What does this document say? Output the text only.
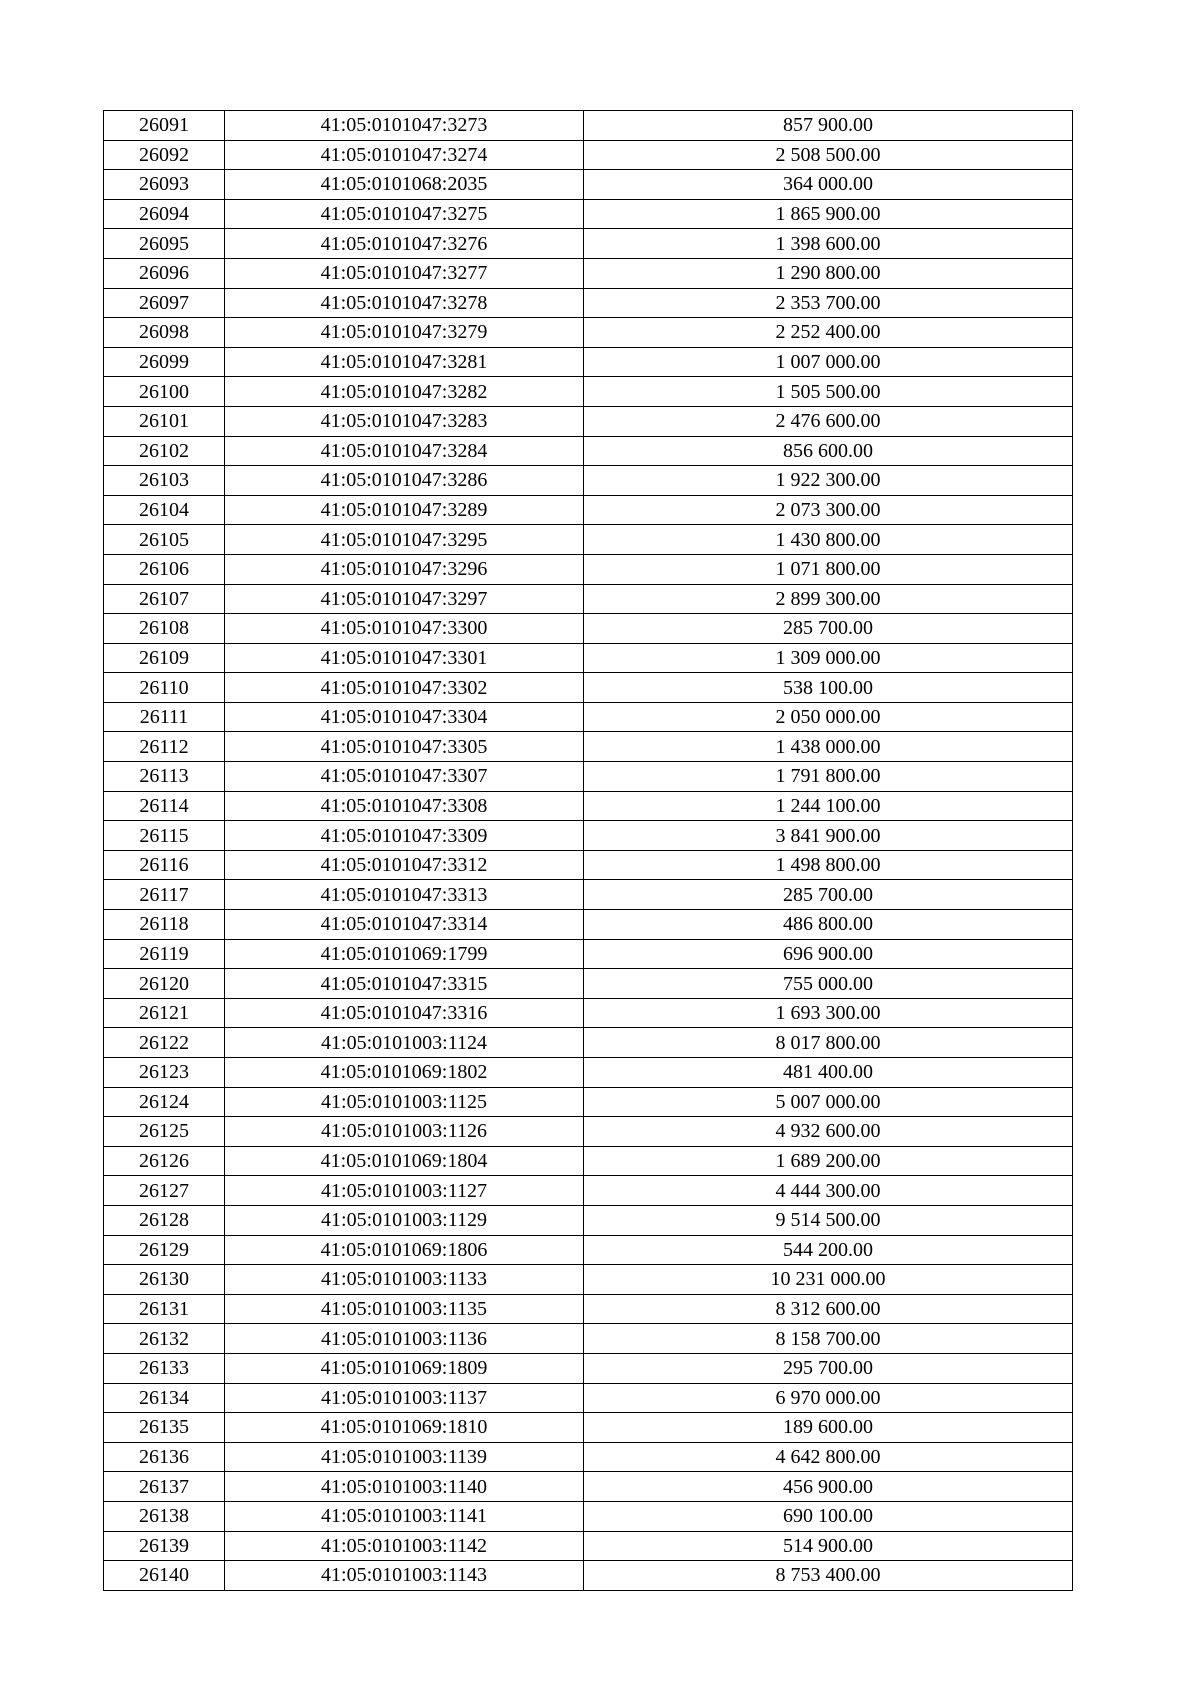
26091	41:05:0101047:3273	857 900.00
26092	41:05:0101047:3274	2 508 500.00
26093	41:05:0101068:2035	364 000.00
26094	41:05:0101047:3275	1 865 900.00
26095	41:05:0101047:3276	1 398 600.00
26096	41:05:0101047:3277	1 290 800.00
26097	41:05:0101047:3278	2 353 700.00
26098	41:05:0101047:3279	2 252 400.00
26099	41:05:0101047:3281	1 007 000.00
26100	41:05:0101047:3282	1 505 500.00
26101	41:05:0101047:3283	2 476 600.00
26102	41:05:0101047:3284	856 600.00
26103	41:05:0101047:3286	1 922 300.00
26104	41:05:0101047:3289	2 073 300.00
26105	41:05:0101047:3295	1 430 800.00
26106	41:05:0101047:3296	1 071 800.00
26107	41:05:0101047:3297	2 899 300.00
26108	41:05:0101047:3300	285 700.00
26109	41:05:0101047:3301	1 309 000.00
26110	41:05:0101047:3302	538 100.00
26111	41:05:0101047:3304	2 050 000.00
26112	41:05:0101047:3305	1 438 000.00
26113	41:05:0101047:3307	1 791 800.00
26114	41:05:0101047:3308	1 244 100.00
26115	41:05:0101047:3309	3 841 900.00
26116	41:05:0101047:3312	1 498 800.00
26117	41:05:0101047:3313	285 700.00
26118	41:05:0101047:3314	486 800.00
26119	41:05:0101069:1799	696 900.00
26120	41:05:0101047:3315	755 000.00
26121	41:05:0101047:3316	1 693 300.00
26122	41:05:0101003:1124	8 017 800.00
26123	41:05:0101069:1802	481 400.00
26124	41:05:0101003:1125	5 007 000.00
26125	41:05:0101003:1126	4 932 600.00
26126	41:05:0101069:1804	1 689 200.00
26127	41:05:0101003:1127	4 444 300.00
26128	41:05:0101003:1129	9 514 500.00
26129	41:05:0101069:1806	544 200.00
26130	41:05:0101003:1133	10 231 000.00
26131	41:05:0101003:1135	8 312 600.00
26132	41:05:0101003:1136	8 158 700.00
26133	41:05:0101069:1809	295 700.00
26134	41:05:0101003:1137	6 970 000.00
26135	41:05:0101069:1810	189 600.00
26136	41:05:0101003:1139	4 642 800.00
26137	41:05:0101003:1140	456 900.00
26138	41:05:0101003:1141	690 100.00
26139	41:05:0101003:1142	514 900.00
26140	41:05:0101003:1143	8 753 400.00
